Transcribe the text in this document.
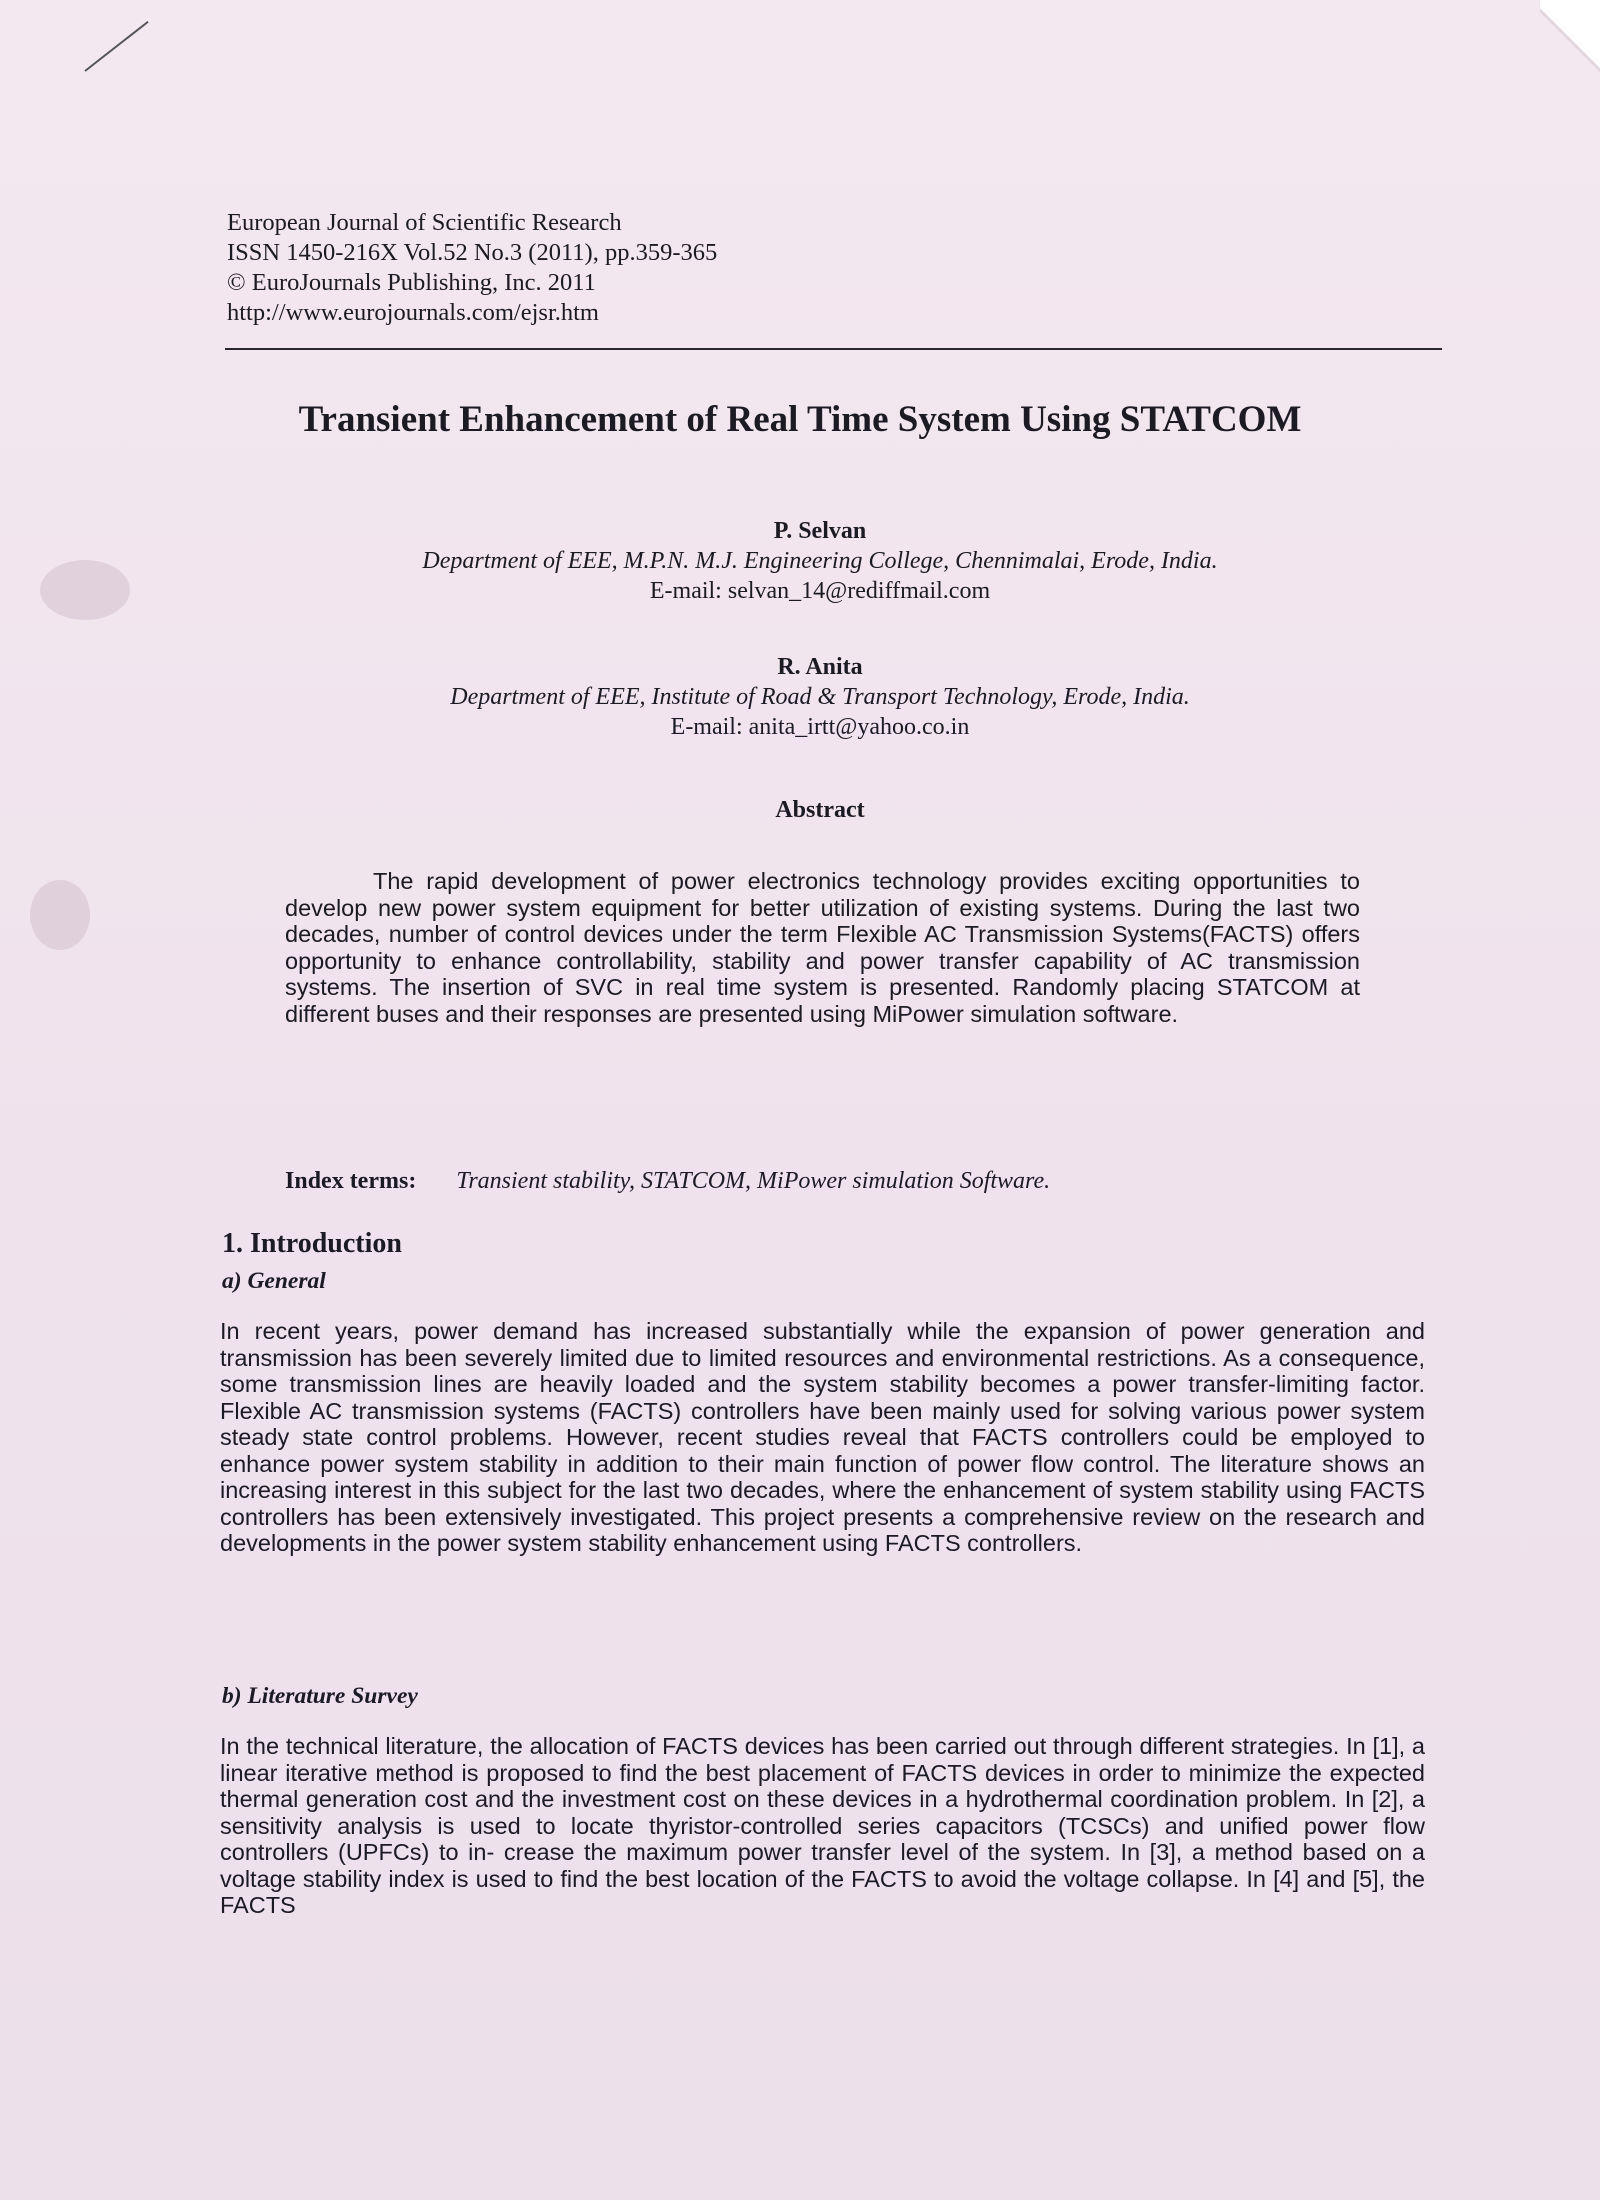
European Journal of Scientific Research
ISSN 1450-216X Vol.52 No.3 (2011), pp.359-365
© EuroJournals Publishing, Inc. 2011
http://www.eurojournals.com/ejsr.htm
Transient Enhancement of Real Time System Using STATCOM
P. Selvan
Department of EEE, M.P.N. M.J. Engineering College, Chennimalai, Erode, India.
E-mail: selvan_14@rediffmail.com
R. Anita
Department of EEE, Institute of Road & Transport Technology, Erode, India.
E-mail: anita_irtt@yahoo.co.in
Abstract
The rapid development of power electronics technology provides exciting opportunities to develop new power system equipment for better utilization of existing systems. During the last two decades, number of control devices under the term Flexible AC Transmission Systems(FACTS) offers opportunity to enhance controllability, stability and power transfer capability of AC transmission systems. The insertion of SVC in real time system is presented. Randomly placing STATCOM at different buses and their responses are presented using MiPower simulation software.
Index terms: Transient stability, STATCOM, MiPower simulation Software.
1. Introduction
a) General
In recent years, power demand has increased substantially while the expansion of power generation and transmission has been severely limited due to limited resources and environmental restrictions. As a consequence, some transmission lines are heavily loaded and the system stability becomes a power transfer-limiting factor. Flexible AC transmission systems (FACTS) controllers have been mainly used for solving various power system steady state control problems. However, recent studies reveal that FACTS controllers could be employed to enhance power system stability in addition to their main function of power flow control. The literature shows an increasing interest in this subject for the last two decades, where the enhancement of system stability using FACTS controllers has been extensively investigated. This project presents a comprehensive review on the research and developments in the power system stability enhancement using FACTS controllers.
b) Literature Survey
In the technical literature, the allocation of FACTS devices has been carried out through different strategies. In [1], a linear iterative method is proposed to find the best placement of FACTS devices in order to minimize the expected thermal generation cost and the investment cost on these devices in a hydrothermal coordination problem. In [2], a sensitivity analysis is used to locate thyristor-controlled series capacitors (TCSCs) and unified power flow controllers (UPFCs) to in- crease the maximum power transfer level of the system. In [3], a method based on a voltage stability index is used to find the best location of the FACTS to avoid the voltage collapse. In [4] and [5], the FACTS
